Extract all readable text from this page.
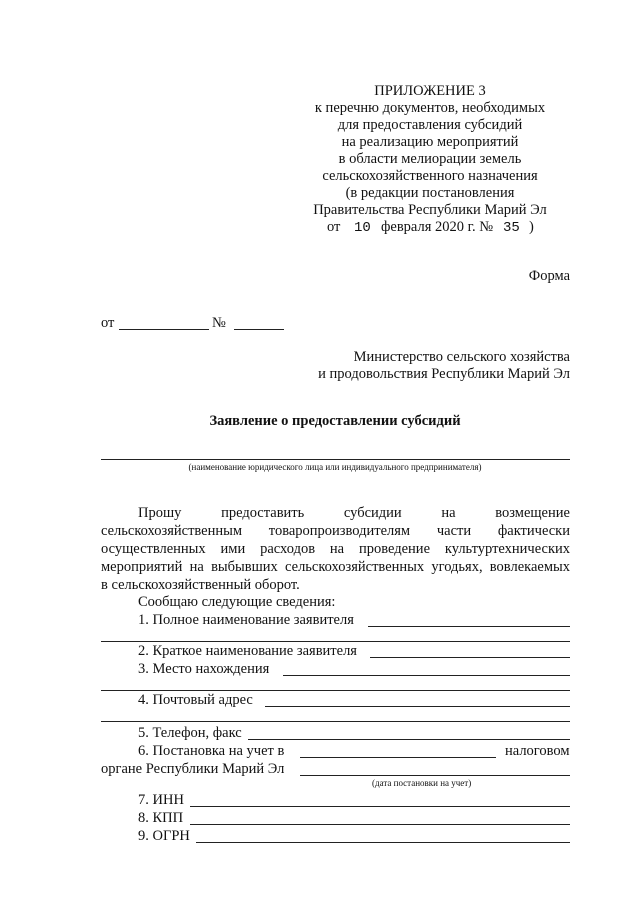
ПРИЛОЖЕНИЕ 3
к перечню документов, необходимых
для предоставления субсидий
на реализацию мероприятий
в области мелиорации земель
сельскохозяйственного назначения
(в редакции постановления
Правительства Республики Марий Эл
от 10 февраля 2020 г. № 35 )
Форма
от	№
Министерство сельского хозяйства
и продовольствия Республики Марий Эл
Заявление о предоставлении субсидий
(наименование юридического лица или индивидуального предпринимателя)
Прошу	предоставить	субсидии	на	возмещение
сельскохозяйственным товаропроизводителям части фактически
осуществленных ими расходов на проведение культуртехнических
мероприятий на выбывших сельскохозяйственных угодьях, вовлекаемых
в сельскохозяйственный оборот.
Сообщаю следующие сведения:
1. Полное наименование заявителя
2. Краткое наименование заявителя
3. Место нахождения
4. Почтовый адрес
5. Телефон, факс
6. Постановка на учет в	налоговом
органе Республики Марий Эл
(дата постановки на учет)
7. ИНН
8. КПП
9. ОГРН
